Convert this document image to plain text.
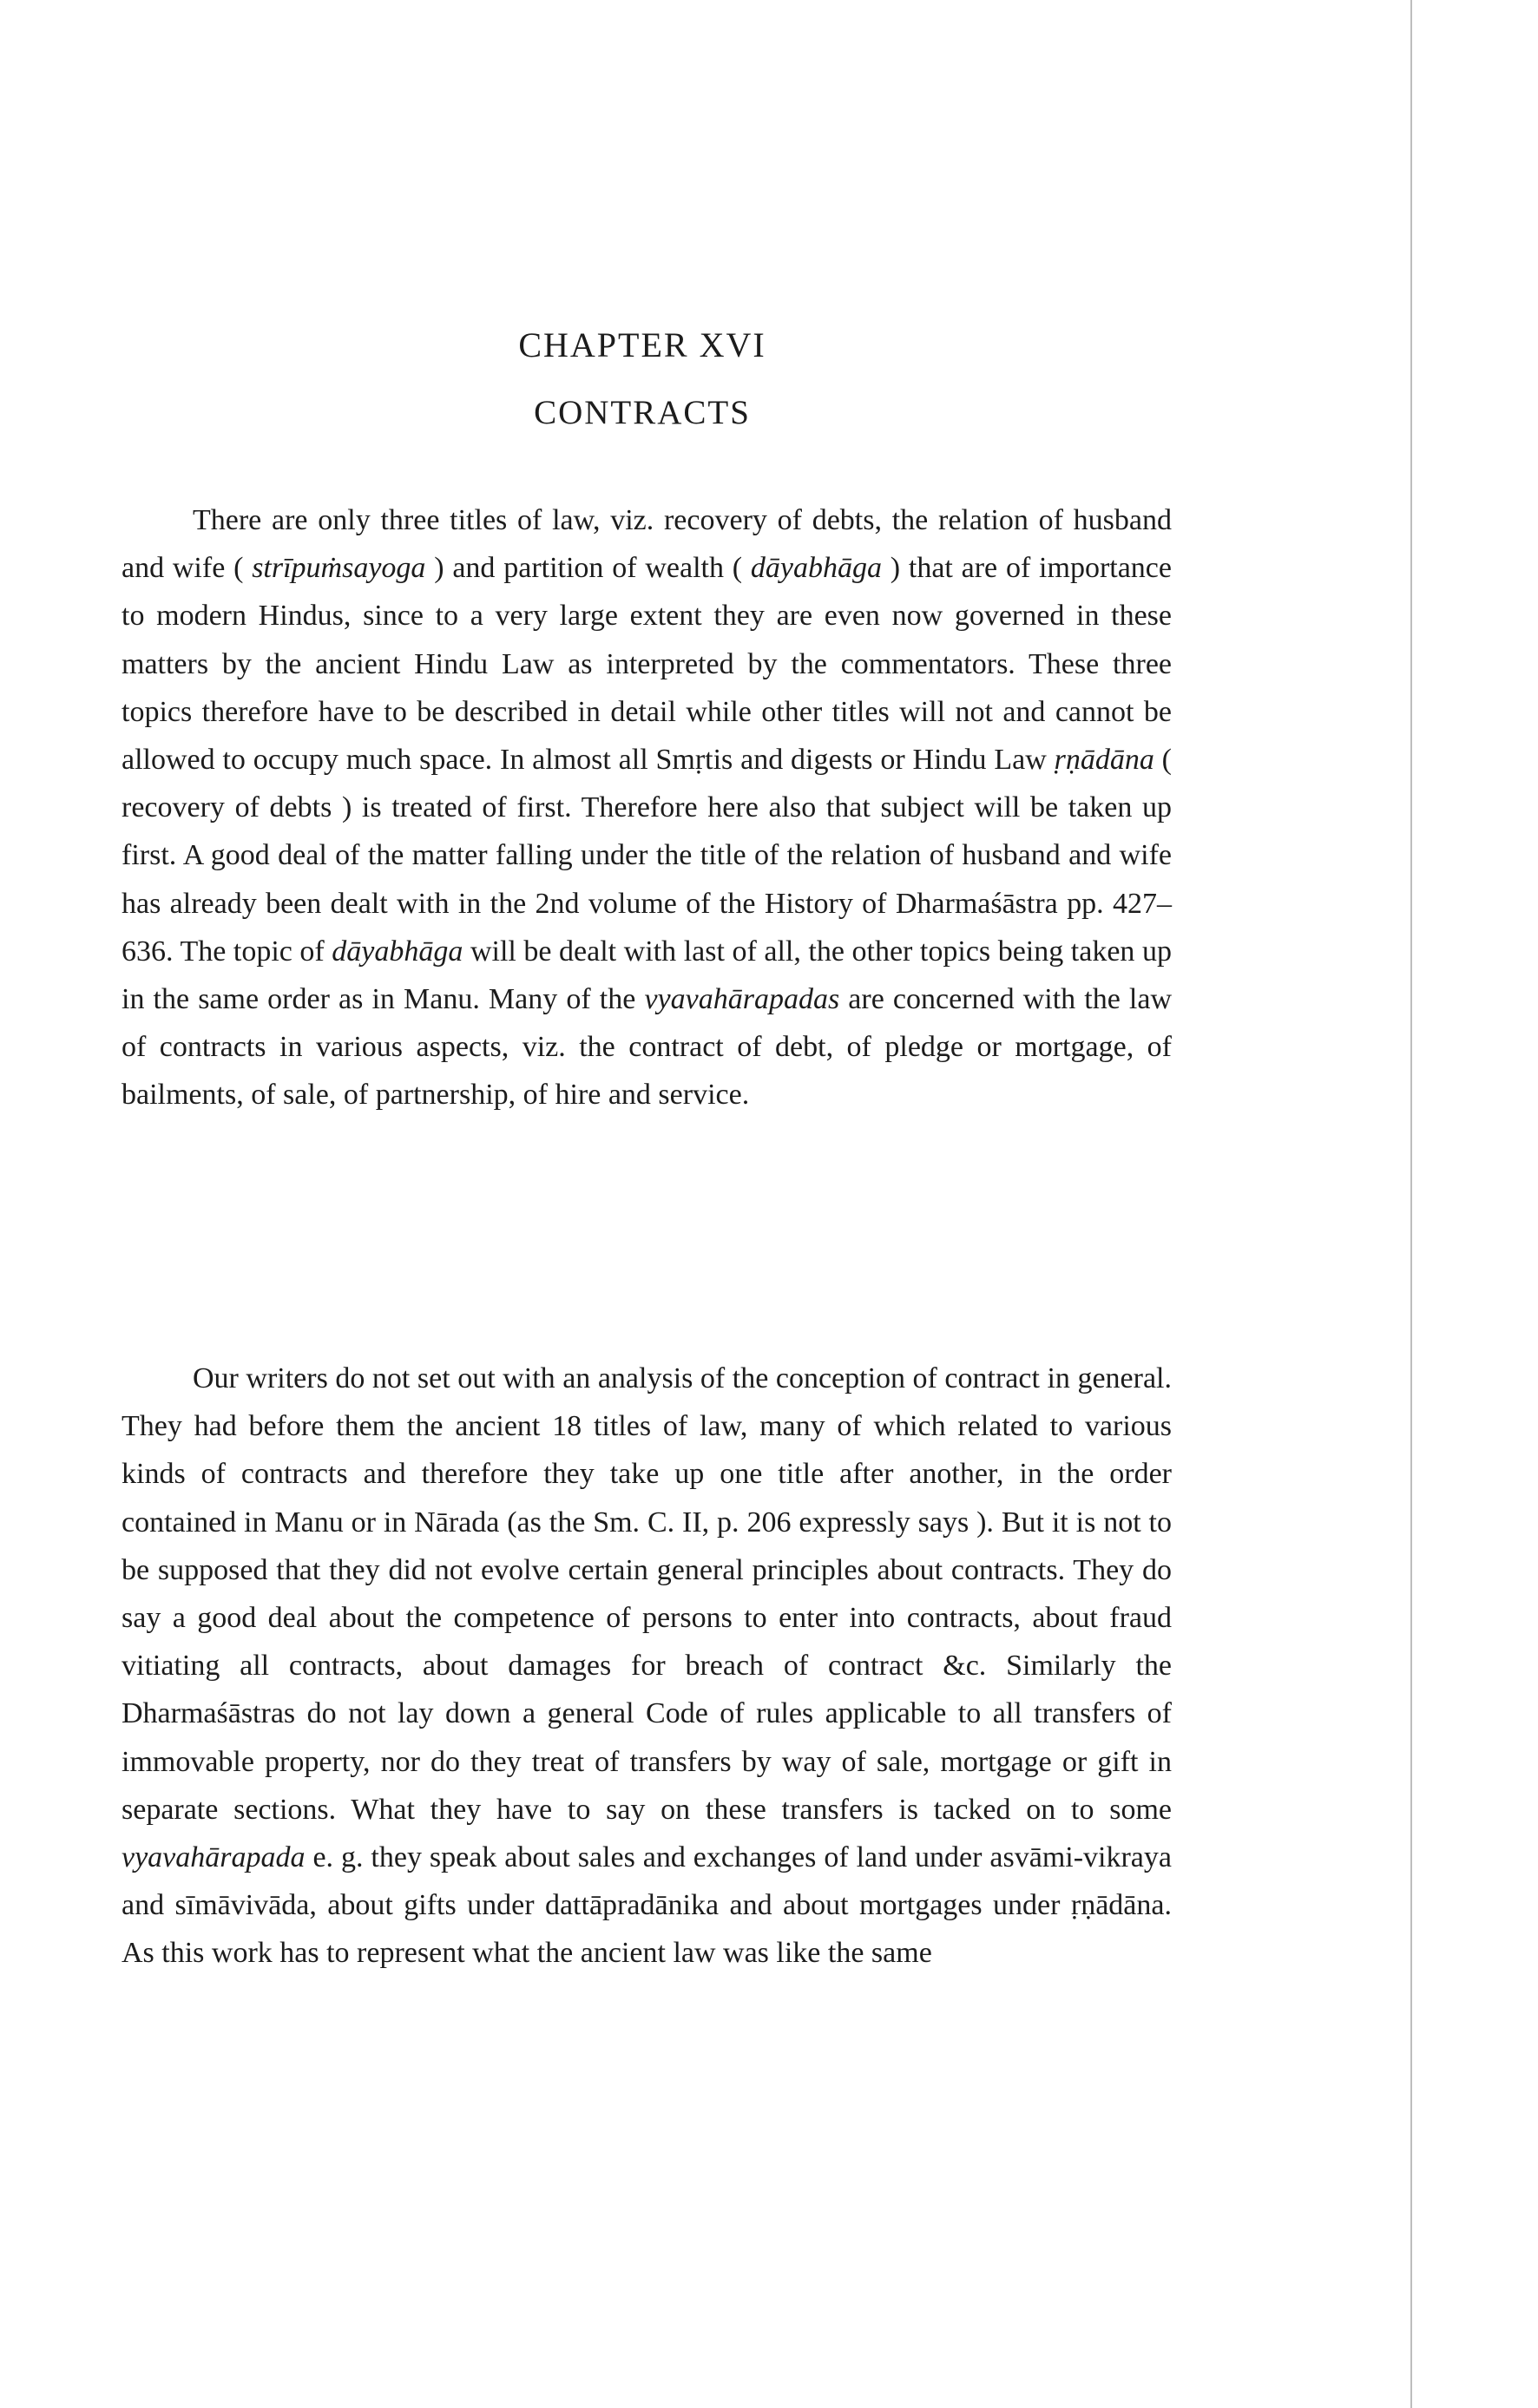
CHAPTER XVI
CONTRACTS

There are only three titles of law, viz. recovery of debts, the relation of husband and wife ( strīpuṁsayoga ) and partition of wealth ( dāyabhāga ) that are of importance to modern Hindus, since to a very large extent they are even now governed in these matters by the ancient Hindu Law as interpreted by the commentators. These three topics therefore have to be described in detail while other titles will not and cannot be allowed to occupy much space. In almost all Smṛtis and digests or Hindu Law ṛṇādāna ( recovery of debts ) is treated of first. Therefore here also that subject will be taken up first. A good deal of the matter falling under the title of the relation of husband and wife has already been dealt with in the 2nd volume of the History of Dharmaśāstra pp. 427–636. The topic of dāyabhāga will be dealt with last of all, the other topics being taken up in the same order as in Manu. Many of the vyavahārapadas are concerned with the law of contracts in various aspects, viz. the contract of debt, of pledge or mortgage, of bailments, of sale, of partnership, of hire and service.

Our writers do not set out with an analysis of the conception of contract in general. They had before them the ancient 18 titles of law, many of which related to various kinds of contracts and therefore they take up one title after another, in the order contained in Manu or in Nārada (as the Sm. C. II, p. 206 expressly says ). But it is not to be supposed that they did not evolve certain general principles about contracts. They do say a good deal about the competence of persons to enter into contracts, about fraud vitiating all contracts, about damages for breach of contract &c. Similarly the Dharmaśāstras do not lay down a general Code of rules applicable to all transfers of immovable property, nor do they treat of transfers by way of sale, mortgage or gift in separate sections. What they have to say on these transfers is tacked on to some vyavahārapada e. g. they speak about sales and exchanges of land under asvāmi-vikraya and sīmāvivāda, about gifts under dattāpradānika and about mortgages under ṛṇādāna. As this work has to represent what the ancient law was like the same
